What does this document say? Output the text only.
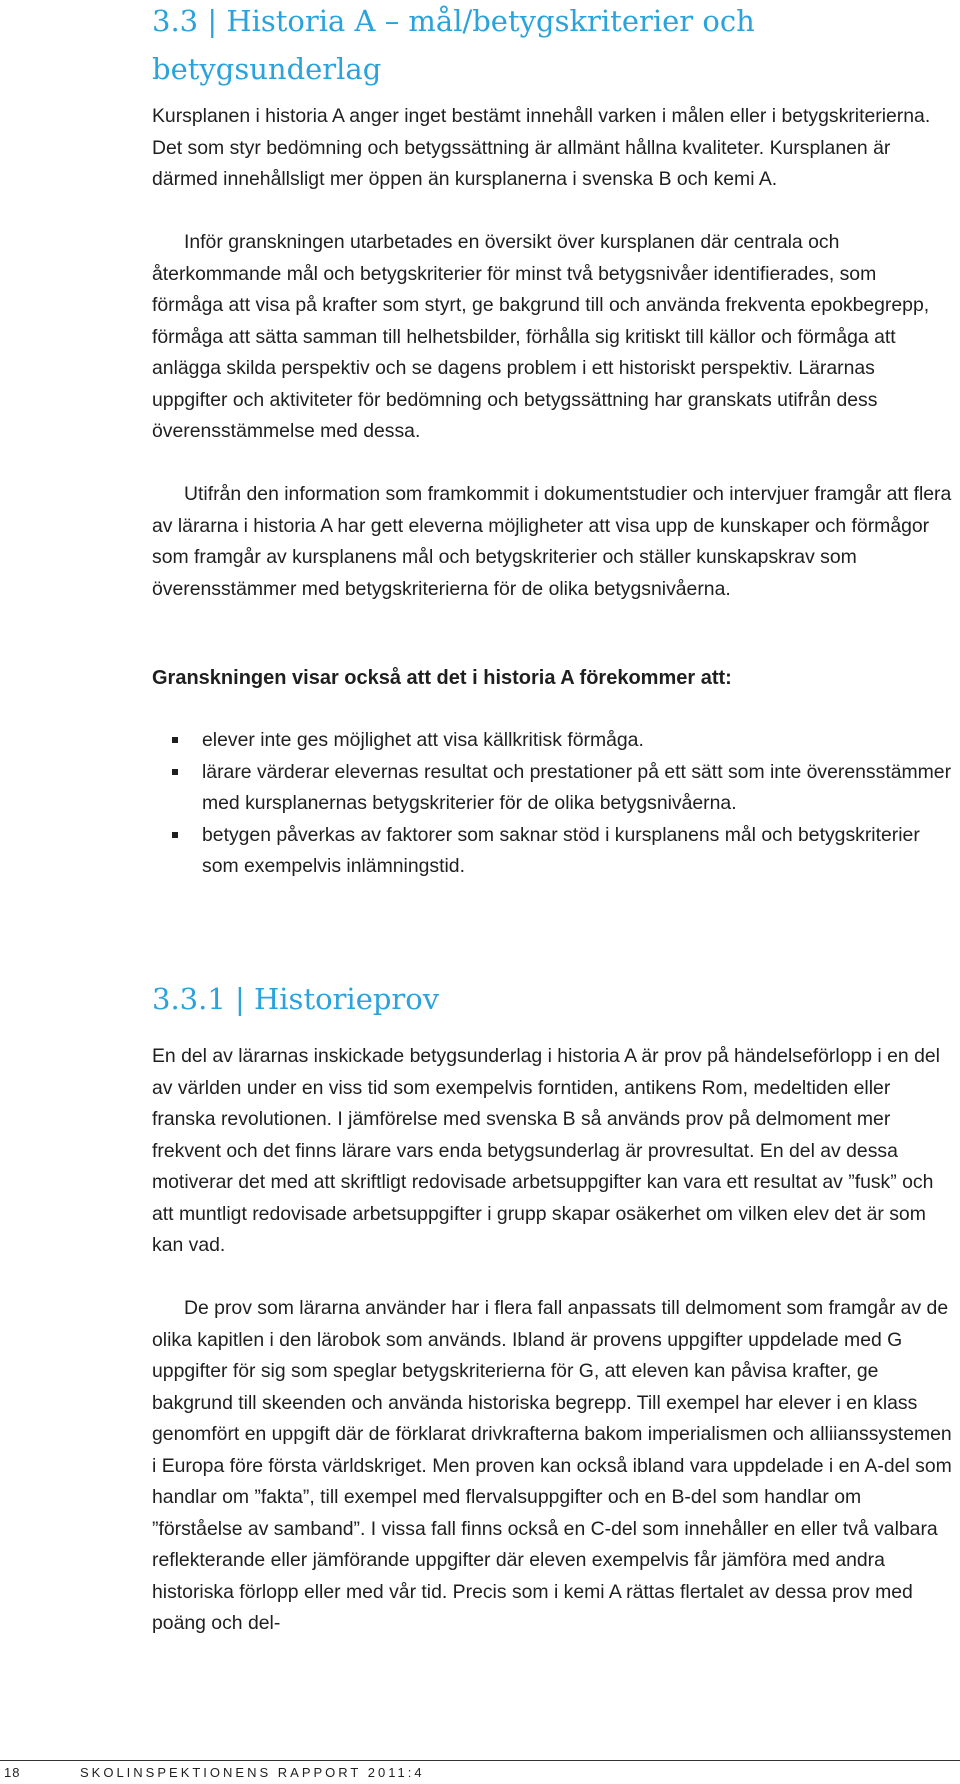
3.3 | Historia A – mål/betygskriterier och betygsunderlag

Kursplanen i historia A anger inget bestämt innehåll varken i målen eller i betygskriterierna. Det som styr bedömning och betygssättning är allmänt hållna kvaliteter. Kursplanen är därmed innehållsligt mer öppen än kursplanerna i svenska B och kemi A.

Inför granskningen utarbetades en översikt över kursplanen där centrala och återkommande mål och betygskriterier för minst två betygsnivåer identifierades, som förmåga att visa på krafter som styrt, ge bakgrund till och använda frekventa epokbegrepp, förmåga att sätta samman till helhetsbilder, förhålla sig kritiskt till källor och förmåga att anlägga skilda perspektiv och se dagens problem i ett historiskt perspektiv. Lärarnas uppgifter och aktiviteter för bedömning och betygssättning har granskats utifrån dess överensstämmelse med dessa.

Utifrån den information som framkommit i dokumentstudier och intervjuer framgår att flera av lärarna i historia A har gett eleverna möjligheter att visa upp de kunskaper och förmågor som framgår av kursplanens mål och betygskriterier och ställer kunskapskrav som överensstämmer med betygskriterierna för de olika betygsnivåerna.

Granskningen visar också att det i historia A förekommer att:
elever inte ges möjlighet att visa källkritisk förmåga.
lärare värderar elevernas resultat och prestationer på ett sätt som inte överensstämmer med kursplanernas betygskriterier för de olika betygsnivåerna.
betygen påverkas av faktorer som saknar stöd i kursplanens mål och betygskriterier som exempelvis inlämningstid.
3.3.1 | Historieprov

En del av lärarnas inskickade betygsunderlag i historia A är prov på händelseförlopp i en del av världen under en viss tid som exempelvis forntiden, antikens Rom, medeltiden eller franska revolutionen. I jämförelse med svenska B så används prov på delmoment mer frekvent och det finns lärare vars enda betygsunderlag är provresultat. En del av dessa motiverar det med att skriftligt redovisade arbetsuppgifter kan vara ett resultat av ”fusk” och att muntligt redovisade arbetsuppgifter i grupp skapar osäkerhet om vilken elev det är som kan vad.

De prov som lärarna använder har i flera fall anpassats till delmoment som framgår av de olika kapitlen i den lärobok som används. Ibland är provens uppgifter uppdelade med G uppgifter för sig som speglar betygskriterierna för G, att eleven kan påvisa krafter, ge bakgrund till skeenden och använda historiska begrepp. Till exempel har elever i en klass genomfört en uppgift där de förklarat drivkrafterna bakom imperialismen och alliianssystemen i Europa före första världskriget. Men proven kan också ibland vara uppdelade i en A-del som handlar om ”fakta”, till exempel med flervalsuppgifter och en B-del som handlar om ”förståelse av samband”. I vissa fall finns också en C-del som innehåller en eller två valbara reflekterande eller jämförande uppgifter där eleven exempelvis får jämföra med andra historiska förlopp eller med vår tid. Precis som i kemi A rättas flertalet av dessa prov med poäng och del-

18	SKOLINSPEKTIONENS RAPPORT 2011:4
